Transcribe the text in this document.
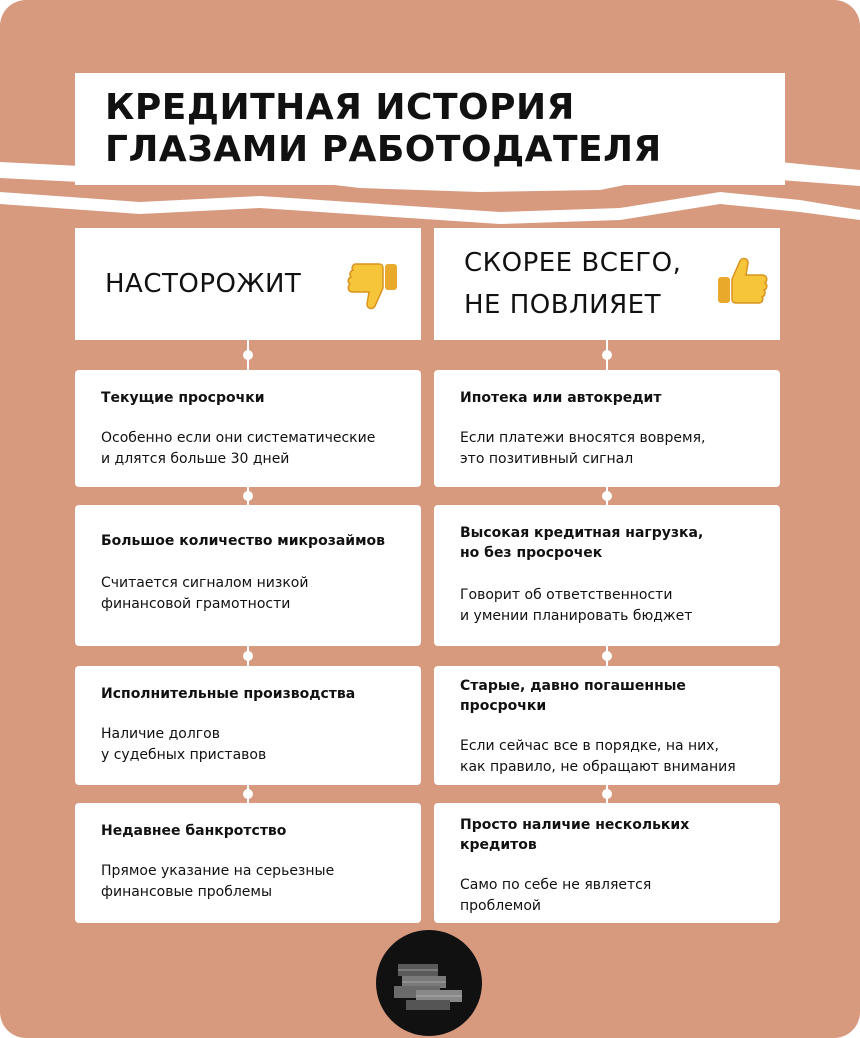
КРЕДИТНАЯ ИСТОРИЯ
ГЛАЗАМИ РАБОТОДАТЕЛЯ
НАСТОРОЖИТ
СКОРЕЕ ВСЕГО,
НЕ ПОВЛИЯЕТ
Текущие просрочки
Особенно если они систематические
и длятся больше 30 дней
Большое количество микрозаймов
Считается сигналом низкой
финансовой грамотности
Исполнительные производства
Наличие долгов
у судебных приставов
Недавнее банкротство
Прямое указание на серьезные
финансовые проблемы
Ипотека или автокредит
Если платежи вносятся вовремя,
это позитивный сигнал
Высокая кредитная нагрузка,
но без просрочек
Говорит об ответственности
и умении планировать бюджет
Старые, давно погашенные
просрочки
Если сейчас все в порядке, на них,
как правило, не обращают внимания
Просто наличие нескольких
кредитов
Само по себе не является
проблемой
